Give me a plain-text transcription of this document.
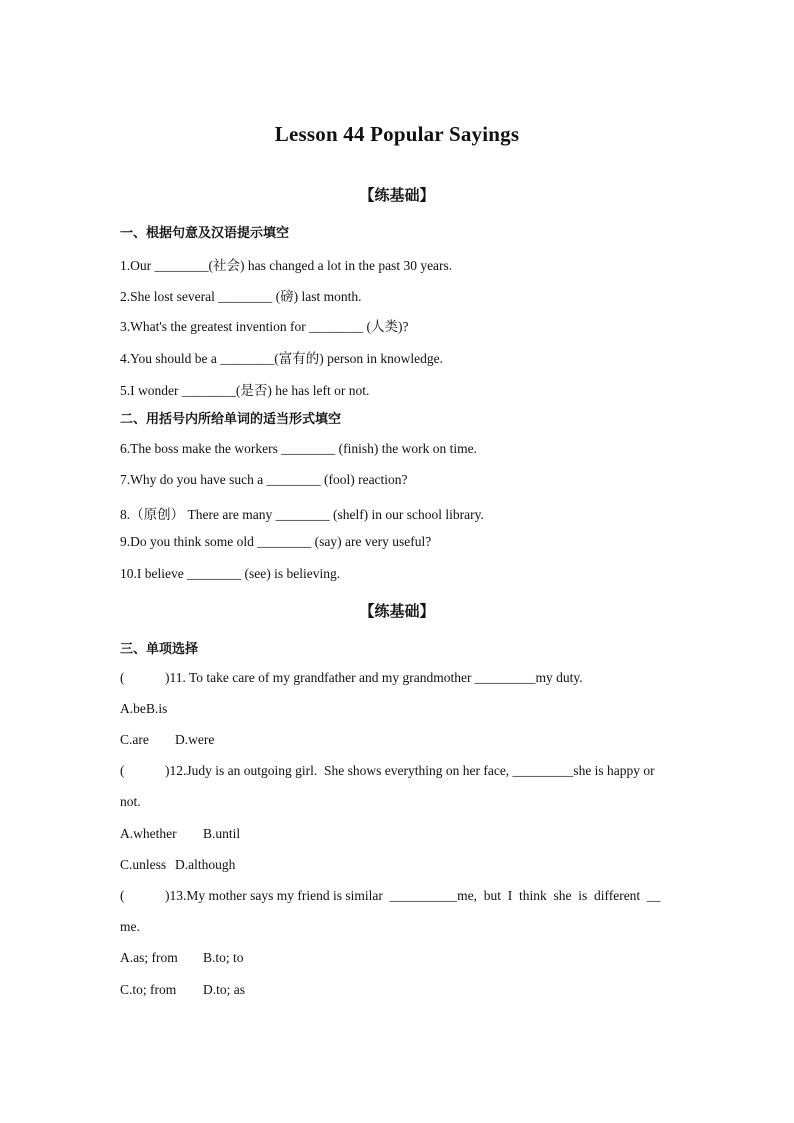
Lesson 44 Popular Sayings
【练基础】
一、根据句意及汉语提示填空
1.Our ________(社会) has changed a lot in the past 30 years.
2.She lost several ________ (磅) last month.
3.What's the greatest invention for ________ (人类)?
4.You should be a ________(富有的) person in knowledge.
5.I wonder ________(是否) he has left or not.
二、用括号内所给单词的适当形式填空
6.The boss make the workers ________ (finish) the work on time.
7.Why do you have such a ________ (fool) reaction?
8.（原创） There are many ________ (shelf) in our school library.
9.Do you think some old ________ (say) are very useful?
10.I believe ________ (see) is believing.
【练基础】
三、单项选择
(            )11. To take care of my grandfather and my grandmother _________my duty.
A.be B.is
C.are D.were
(            )12.Judy is an outgoing girl.  She shows everything on her face, _________she is happy or
not.
A.whether B.until
C.unless D.although
(            )13.My mother says my friend is similar  __________me,  but  I  think  she  is  different  __
me.
A.as; from B.to; to
C.to; from D.to; as
